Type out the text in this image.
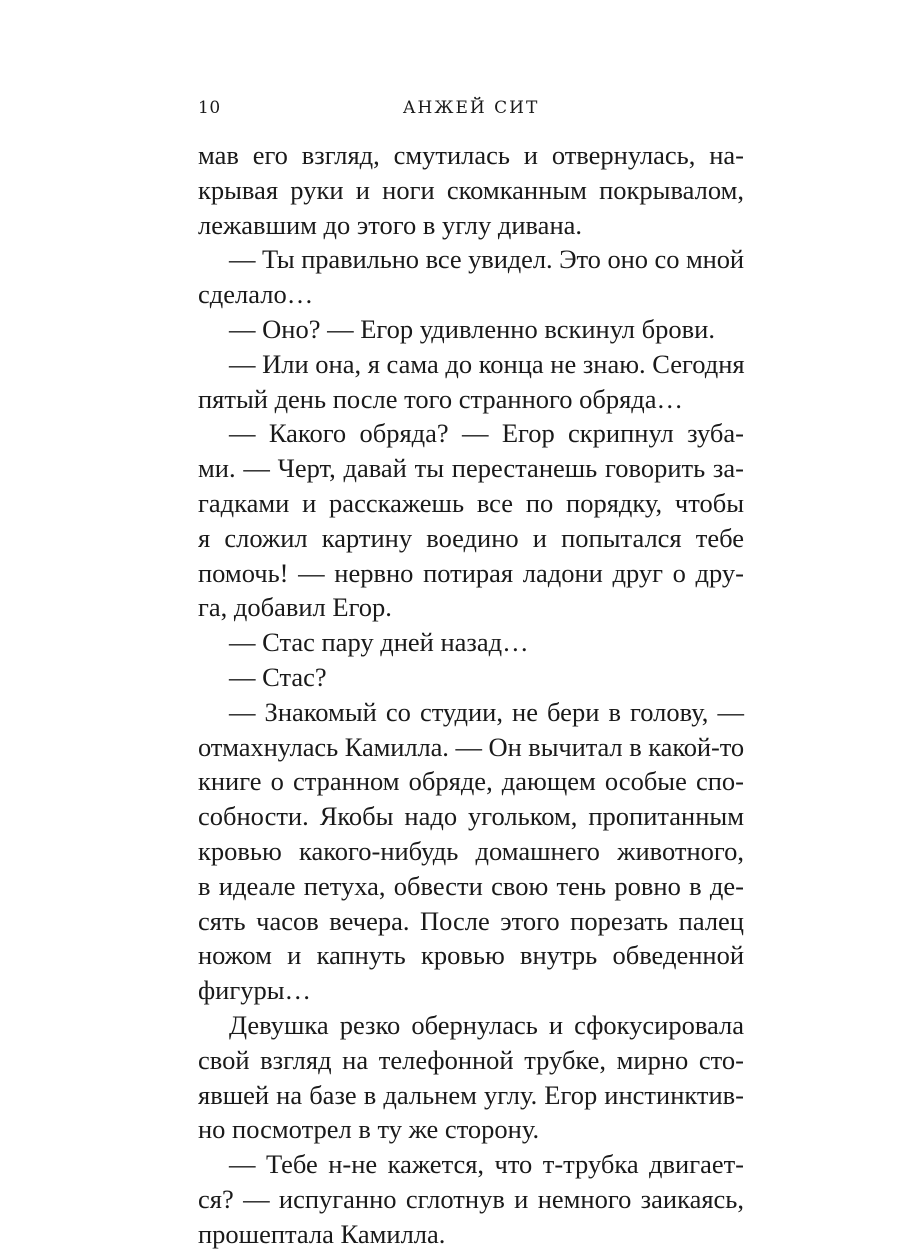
10	АНЖЕЙ СИТ
мав его взгляд, смутилась и отвернулась, на-
крывая руки и ноги скомканным покрывалом,
лежавшим до этого в углу дивана.
— Ты правильно все увидел. Это оно со мной
сделало…
— Оно? — Егор удивленно вскинул брови.
— Или она, я сама до конца не знаю. Сегодня
пятый день после того странного обряда…
— Какого обряда? — Егор скрипнул зуба-
ми. — Черт, давай ты перестанешь говорить за-
гадками и расскажешь все по порядку, чтобы
я сложил картину воедино и попытался тебе
помочь! — нервно потирая ладони друг о дру-
га, добавил Егор.
— Стас пару дней назад…
— Стас?
— Знакомый со студии, не бери в голову, —
отмахнулась Камилла. — Он вычитал в какой-то
книге о странном обряде, дающем особые спо-
собности. Якобы надо угольком, пропитанным
кровью какого-нибудь домашнего животного,
в идеале петуха, обвести свою тень ровно в де-
сять часов вечера. После этого порезать палец
ножом и капнуть кровью внутрь обведенной
фигуры…
Девушка резко обернулась и сфокусировала
свой взгляд на телефонной трубке, мирно сто-
явшей на базе в дальнем углу. Егор инстинктив-
но посмотрел в ту же сторону.
— Тебе н-не кажется, что т-трубка двигает-
ся? — испуганно сглотнув и немного заикаясь,
прошептала Камилла.
